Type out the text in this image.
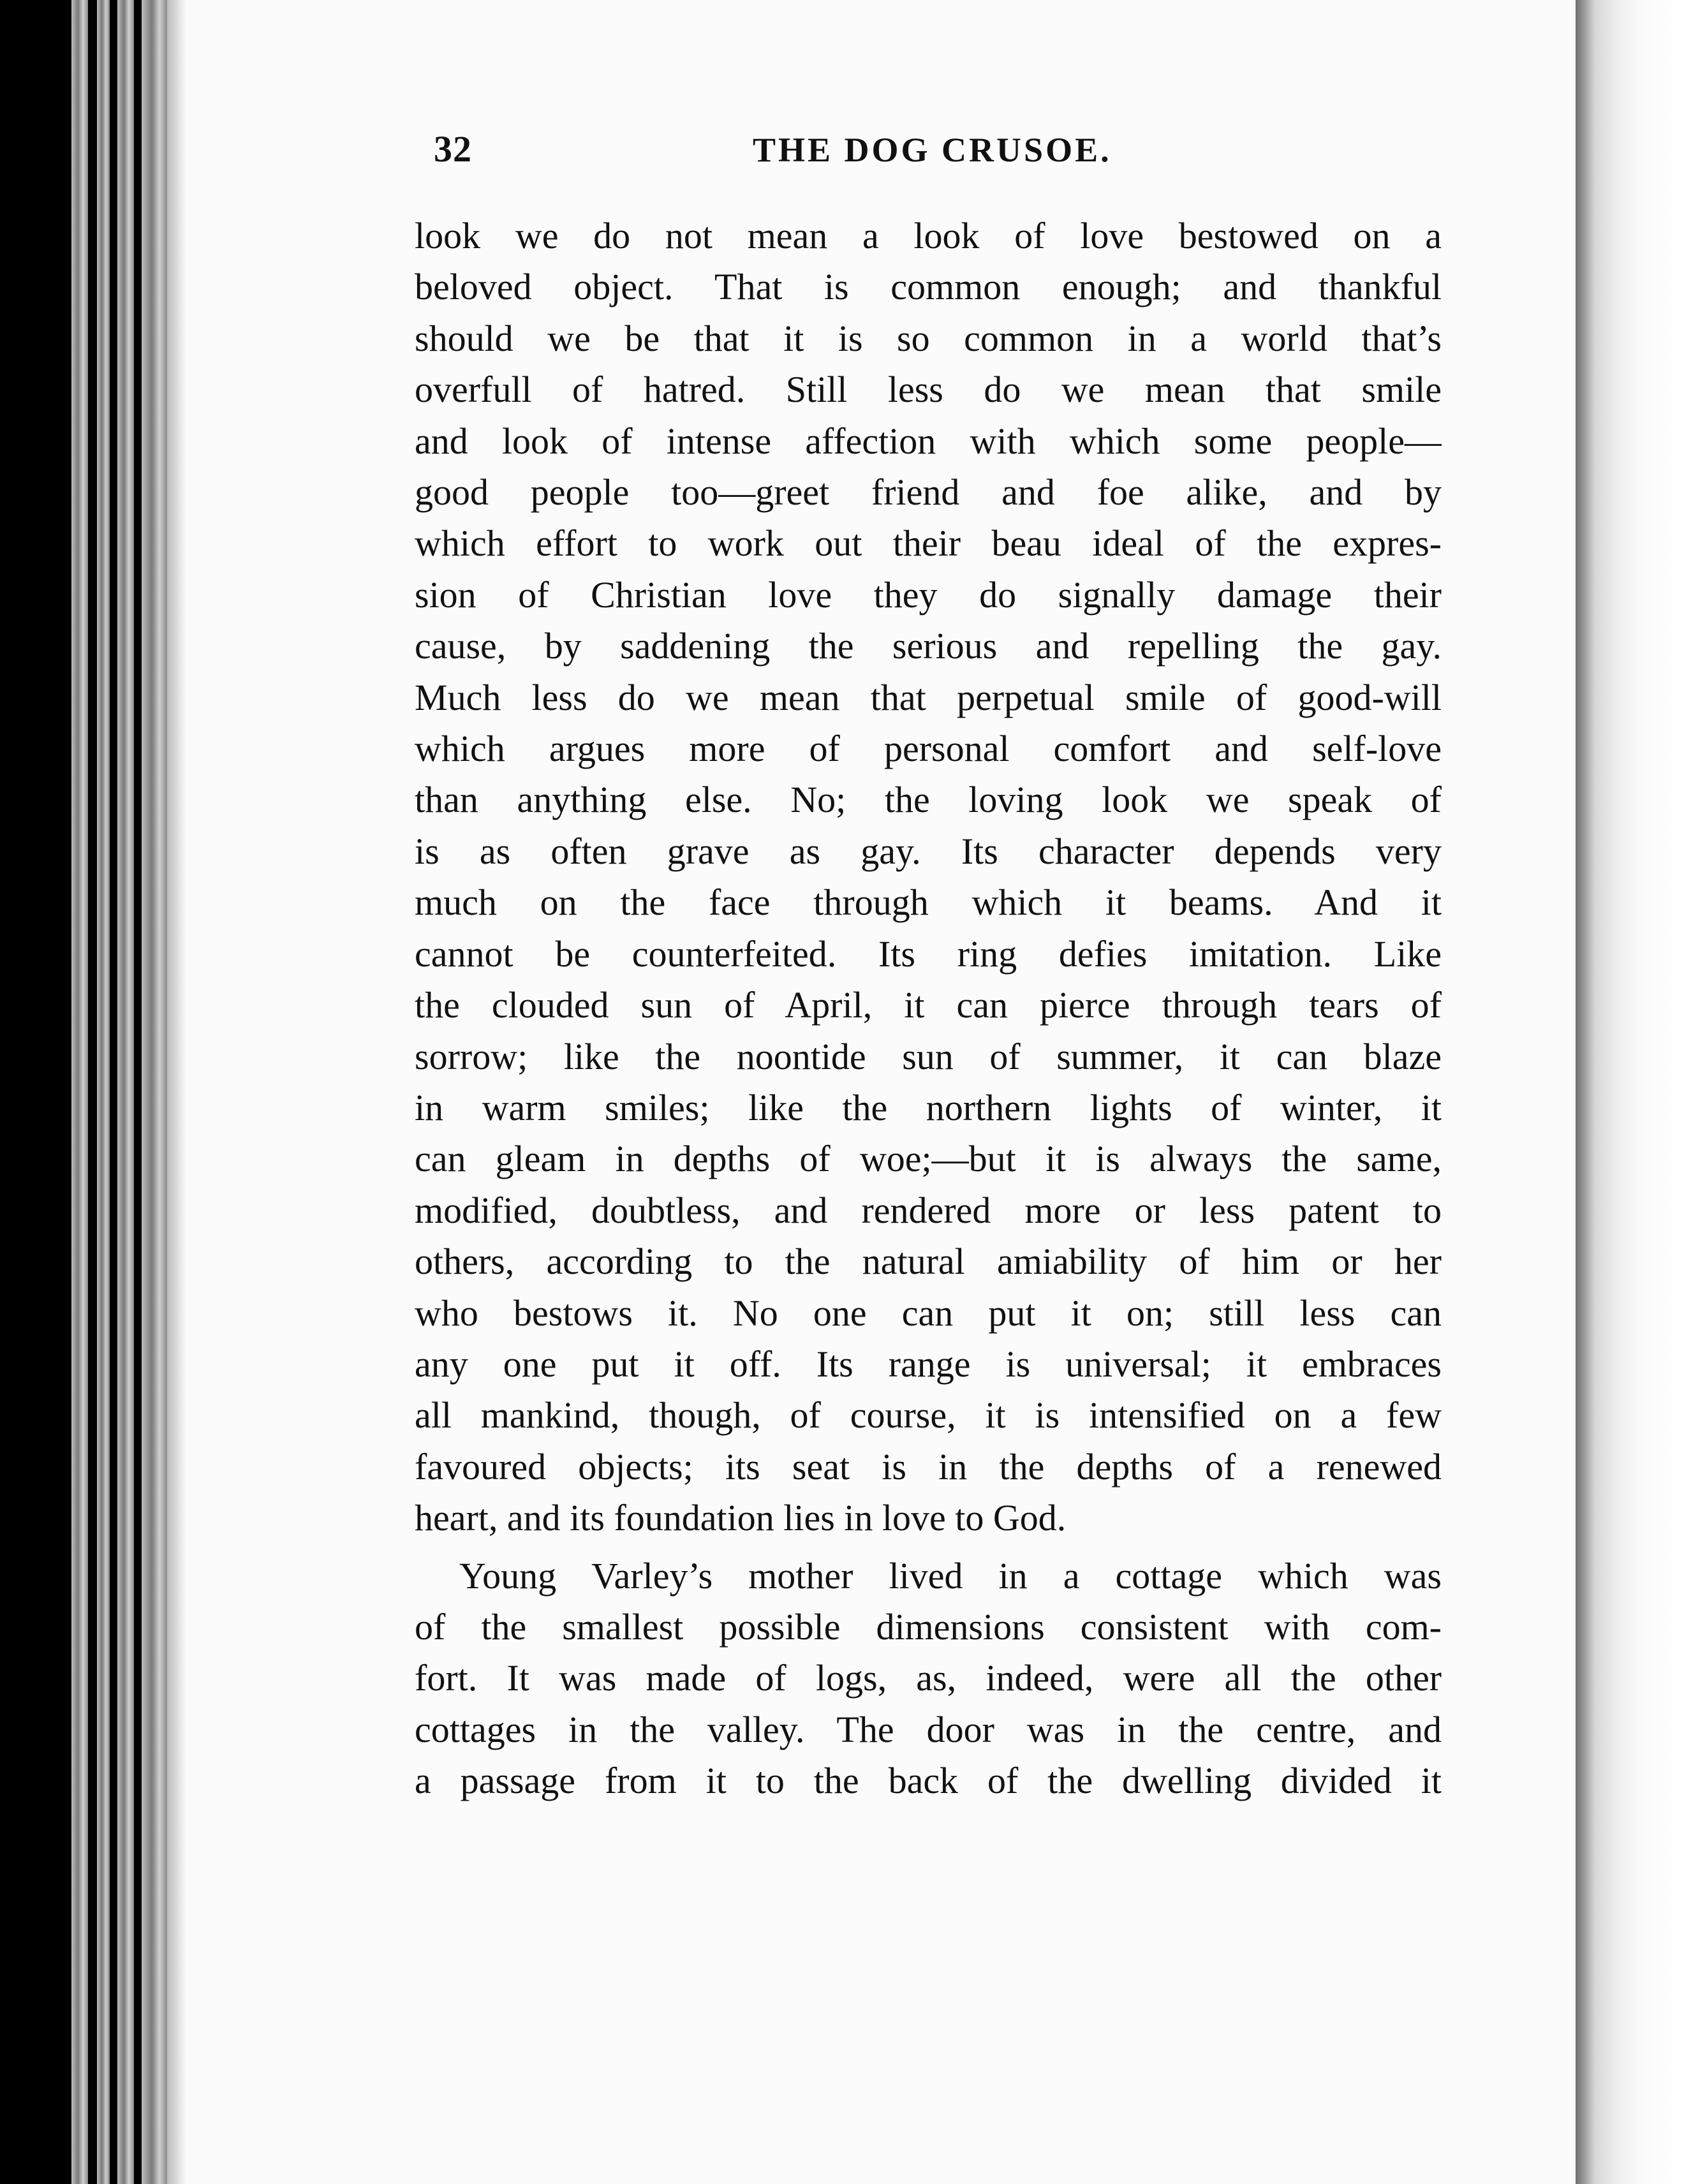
32	THE DOG CRUSOE.
look we do not mean a look of love bestowed on a
beloved object. That is common enough; and thankful
should we be that it is so common in a world that’s
overfull of hatred. Still less do we mean that smile
and look of intense affection with which some people—
good people too—greet friend and foe alike, and by
which effort to work out their beau ideal of the expres-
sion of Christian love they do signally damage their
cause, by saddening the serious and repelling the gay.
Much less do we mean that perpetual smile of good-will
which argues more of personal comfort and self-love
than anything else. No; the loving look we speak of
is as often grave as gay. Its character depends very
much on the face through which it beams. And it
cannot be counterfeited. Its ring defies imitation. Like
the clouded sun of April, it can pierce through tears of
sorrow; like the noontide sun of summer, it can blaze
in warm smiles; like the northern lights of winter, it
can gleam in depths of woe;—but it is always the same,
modified, doubtless, and rendered more or less patent to
others, according to the natural amiability of him or her
who bestows it. No one can put it on; still less can
any one put it off. Its range is universal; it embraces
all mankind, though, of course, it is intensified on a few
favoured objects; its seat is in the depths of a renewed
heart, and its foundation lies in love to God.
Young Varley’s mother lived in a cottage which was
of the smallest possible dimensions consistent with com-
fort. It was made of logs, as, indeed, were all the other
cottages in the valley. The door was in the centre, and
a passage from it to the back of the dwelling divided it
